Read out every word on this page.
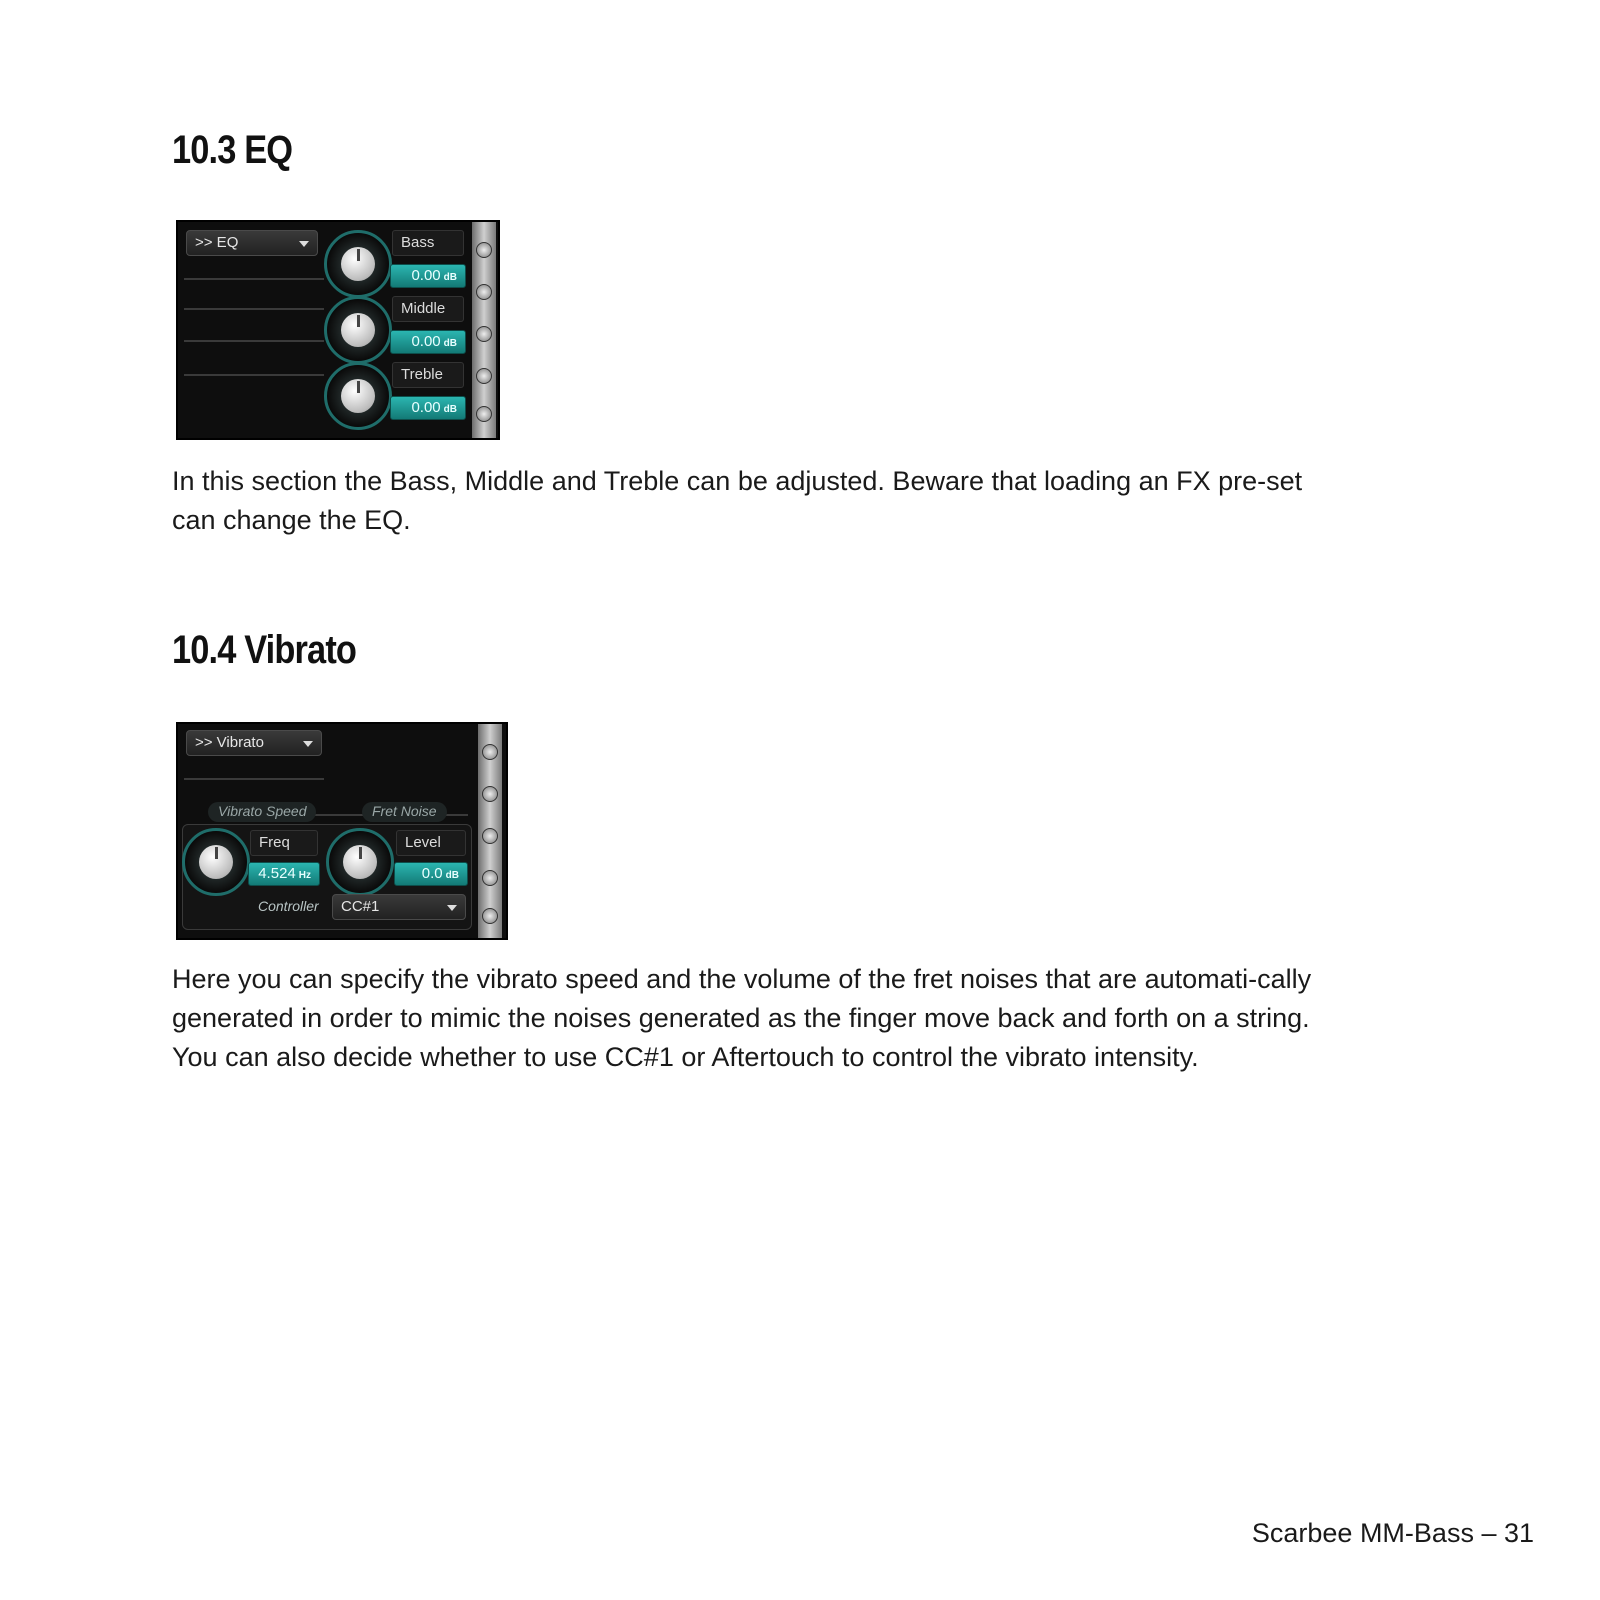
10.3 EQ
>> EQ	Bass
0.00 dB
Middle
0.00 dB
Treble
0.00 dB

In this section the Bass, Middle and Treble can be adjusted. Beware that loading an FX pre-set can change the EQ.

10.4 Vibrato
>> Vibrato
Vibrato Speed	Fret Noise
Freq
4.524 Hz
Level
0.0 dB
Controller	CC#1

Here you can specify the vibrato speed and the volume of the fret noises that are automati-cally generated in order to mimic the noises generated as the finger move back and forth on a string. You can also decide whether to use CC#1 or Aftertouch to control the vibrato intensity.

Scarbee MM-Bass – 31
